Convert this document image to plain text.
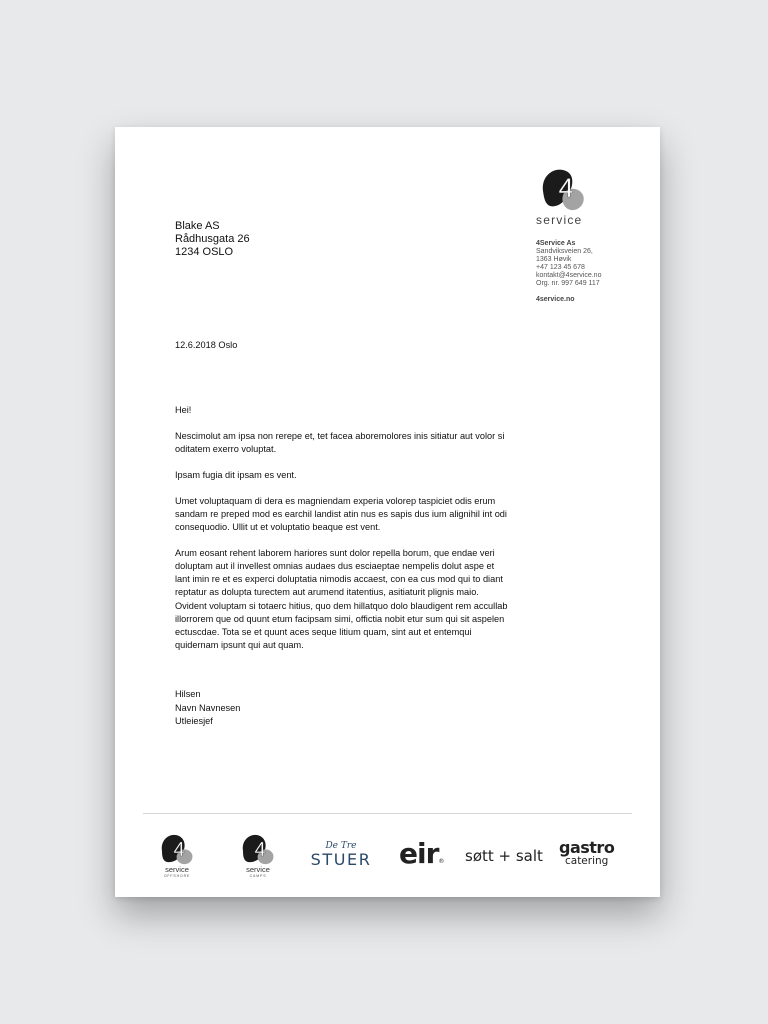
4
service
4Service As
Sandviksveien 26,
1363 Høvik
+47 123 45 678
kontakt@4service.no
Org. nr. 997 649 117
4service.no
Blake AS
Rådhusgata 26
1234 OSLO
12.6.2018 Oslo

Hei!

Nescimolut am ipsa non rerepe et, tet facea aboremolores inis sitiatur aut volor si oditatem exerro voluptat.

Ipsam fugia dit ipsam es vent.

Umet voluptaquam di dera es magniendam experia volorep taspiciet odis erum sandam re preped mod es earchil landist atin nus es sapis dus ium alignihil int odi consequodio. Ullit ut et voluptatio beaque est vent.

Arum eosant rehent laborem hariores sunt dolor repella borum, que endae veri doluptam aut il invellest omnias audaes dus esciaeptae nempelis dolut aspe et lant imin re et es experci doluptatia nimodis accaest, con ea cus mod qui to diant reptatur as dolupta turectem aut arumend itatentius, asitiaturit plignis maio. Ovident voluptam si totaerc hitius, quo dem hillatquo dolo blaudigent rem accullab illorrorem que od quunt etum facipsam simi, offictia nobit etur sum qui sit aspelen ectuscdae. Tota se et quunt aces seque litium quam, sint aut et entemqui quidernam ipsunt qui aut quam.

Hilsen
Navn Navnesen
Utleiesjef
4
service
OFFSHORE
4
service
CAMPS
De Tre
STUER eir® søtt + salt gastro
catering
